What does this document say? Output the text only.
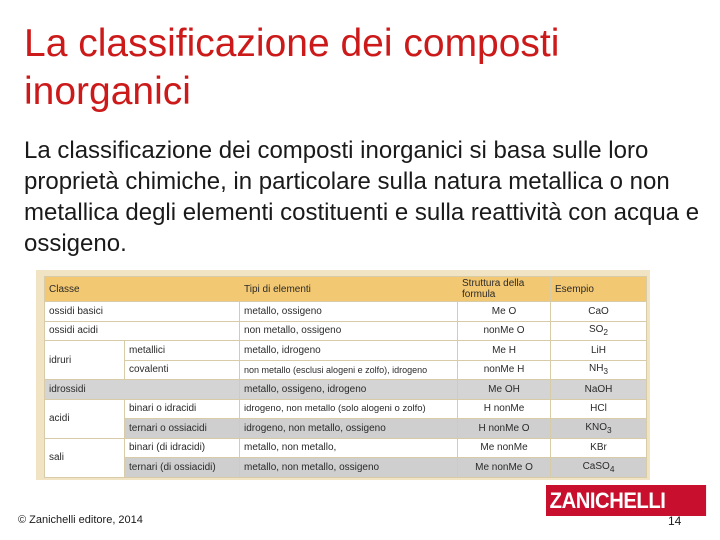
La classificazione dei composti inorganici
La classificazione dei composti inorganici si basa sulle loro proprietà chimiche, in particolare sulla natura metallica o non metallica degli elementi costituenti e sulla reattività con acqua e ossigeno.
Classe		Tipi di elementi	Struttura della formula	Esempio
ossidi basici		metallo, ossigeno	Me O	CaO
ossidi acidi		non metallo, ossigeno	nonMe O	$SO_2$
idruri	metallici	metallo, idrogeno	Me H	LiH
	covalenti	non metallo (esclusi alogeni e zolfo), idrogeno	nonMe H	$NH_3$
idrossidi		metallo, ossigeno, idrogeno	Me OH	NaOH
acidi	binari o idracidi	idrogeno, non metallo (solo alogeni o zolfo)	H nonMe	HCl
	ternari o ossiacidi	idrogeno, non metallo, ossigeno	H nonMe O	$KNO_3$
sali	binari (di idracidi)	metallo, non metallo,	Me nonMe	KBr
	ternari (di ossiacidi)	metallo, non metallo, ossigeno	Me nonMe O	CaSO$_4$
© Zanichelli editore, 2014
ZANICHELLI
14
